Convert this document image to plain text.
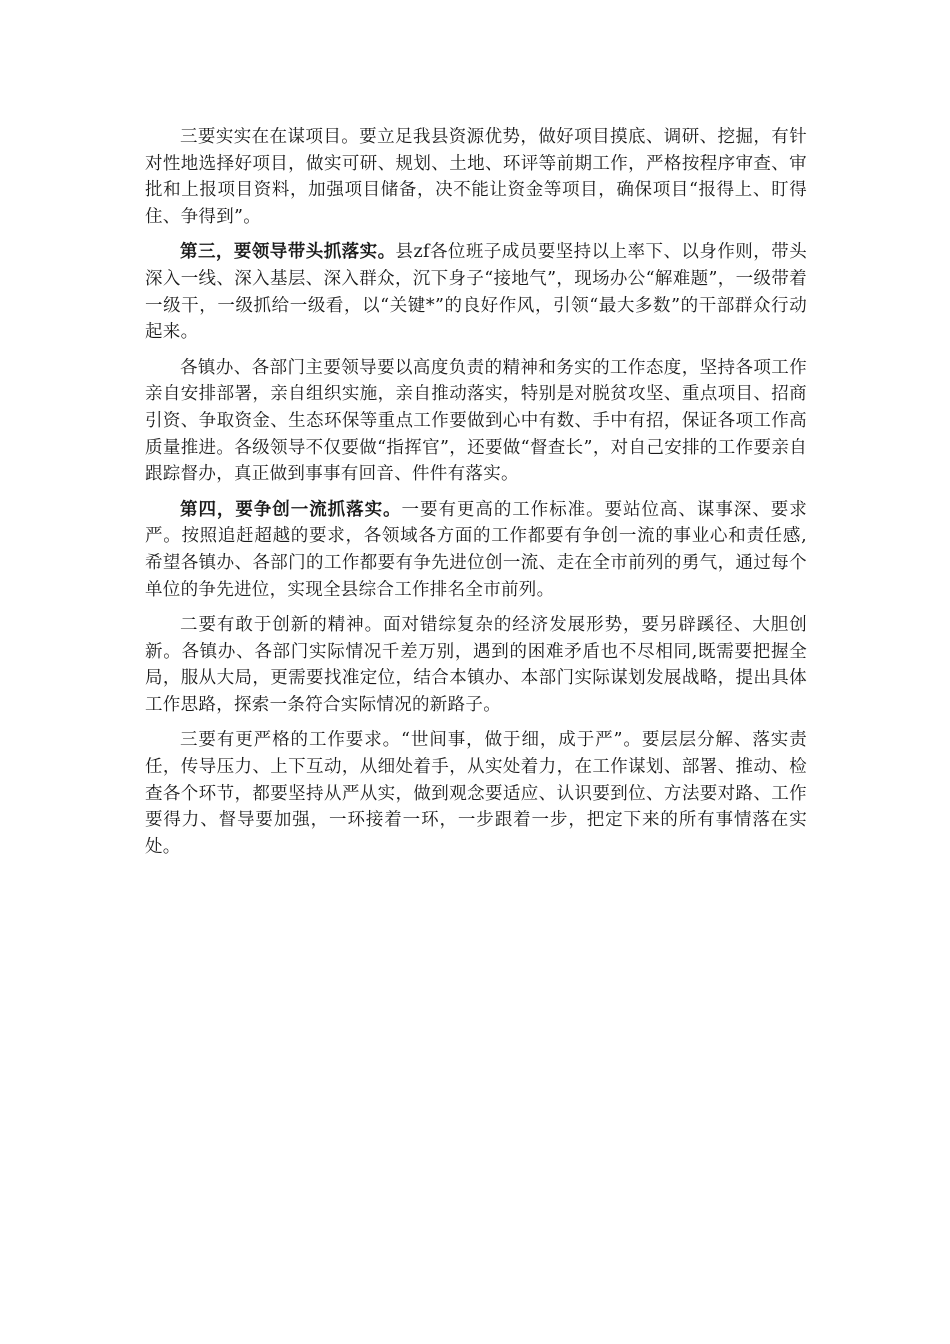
三要实实在在谋项目。要立足我县资源优势，做好项目摸底、调研、挖掘，有针对性地选择好项目，做实可研、规划、土地、环评等前期工作，严格按程序审查、审批和上报项目资料，加强项目储备，决不能让资金等项目，确保项目“报得上、盯得住、争得到”。

第三，要领导带头抓落实。县zf各位班子成员要坚持以上率下、以身作则，带头深入一线、深入基层、深入群众，沉下身子“接地气”，现场办公“解难题”，一级带着一级干，一级抓给一级看，以“关键*”的良好作风，引领“最大多数”的干部群众行动起来。

各镇办、各部门主要领导要以高度负责的精神和务实的工作态度，坚持各项工作亲自安排部署，亲自组织实施，亲自推动落实，特别是对脱贫攻坚、重点项目、招商引资、争取资金、生态环保等重点工作要做到心中有数、手中有招，保证各项工作高质量推进。各级领导不仅要做“指挥官”，还要做“督查长”，对自己安排的工作要亲自跟踪督办，真正做到事事有回音、件件有落实。

第四，要争创一流抓落实。一要有更高的工作标准。要站位高、谋事深、要求严。按照追赶超越的要求，各领域各方面的工作都要有争创一流的事业心和责任感,希望各镇办、各部门的工作都要有争先进位创一流、走在全市前列的勇气，通过每个单位的争先进位，实现全县综合工作排名全市前列。

二要有敢于创新的精神。面对错综复杂的经济发展形势，要另辟蹊径、大胆创新。各镇办、各部门实际情况千差万别，遇到的困难矛盾也不尽相同,既需要把握全局，服从大局，更需要找准定位，结合本镇办、本部门实际谋划发展战略，提出具体工作思路，探索一条符合实际情况的新路子。

三要有更严格的工作要求。“世间事，做于细，成于严”。要层层分解、落实责任，传导压力、上下互动，从细处着手，从实处着力，在工作谋划、部署、推动、检查各个环节，都要坚持从严从实，做到观念要适应、认识要到位、方法要对路、工作要得力、督导要加强，一环接着一环，一步跟着一步，把定下来的所有事情落在实处。
